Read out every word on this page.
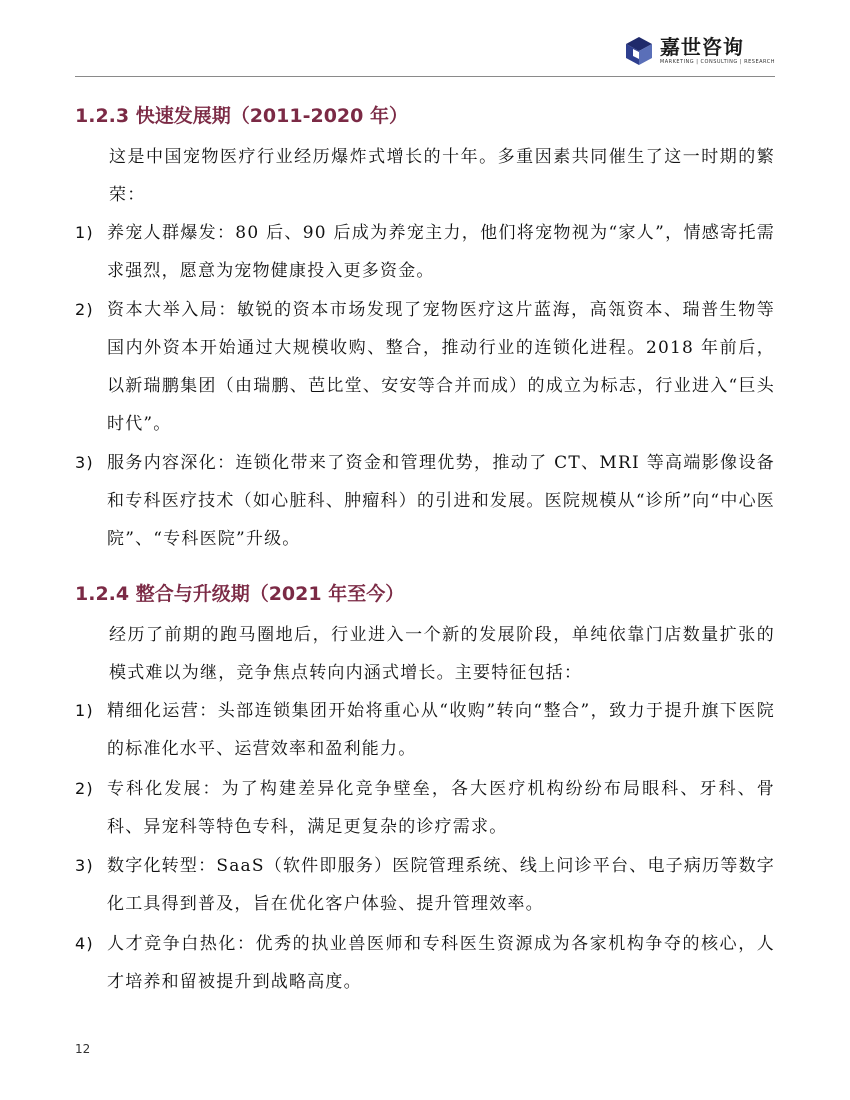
嘉世咨询
MARKETING | CONSULTING | RESEARCH
1.2.3 快速发展期（2011-2020 年）
这是中国宠物医疗行业经历爆炸式增长的十年。多重因素共同催生了这一时期的繁荣：
1) 养宠人群爆发：80 后、90 后成为养宠主力，他们将宠物视为“家人”，情感寄托需求强烈，愿意为宠物健康投入更多资金。
2) 资本大举入局：敏锐的资本市场发现了宠物医疗这片蓝海，高瓴资本、瑞普生物等国内外资本开始通过大规模收购、整合，推动行业的连锁化进程。2018 年前后，以新瑞鹏集团（由瑞鹏、芭比堂、安安等合并而成）的成立为标志，行业进入“巨头时代”。
3) 服务内容深化：连锁化带来了资金和管理优势，推动了 CT、MRI 等高端影像设备和专科医疗技术（如心脏科、肿瘤科）的引进和发展。医院规模从“诊所”向“中心医院”、“专科医院”升级。
1.2.4 整合与升级期（2021 年至今）
经历了前期的跑马圈地后，行业进入一个新的发展阶段，单纯依靠门店数量扩张的模式难以为继，竞争焦点转向内涵式增长。主要特征包括：
1) 精细化运营：头部连锁集团开始将重心从“收购”转向“整合”，致力于提升旗下医院的标准化水平、运营效率和盈利能力。
2) 专科化发展：为了构建差异化竞争壁垒，各大医疗机构纷纷布局眼科、牙科、骨科、异宠科等特色专科，满足更复杂的诊疗需求。
3) 数字化转型：SaaS（软件即服务）医院管理系统、线上问诊平台、电子病历等数字化工具得到普及，旨在优化客户体验、提升管理效率。
4) 人才竞争白热化：优秀的执业兽医师和专科医生资源成为各家机构争夺的核心，人才培养和留被提升到战略高度。
12
